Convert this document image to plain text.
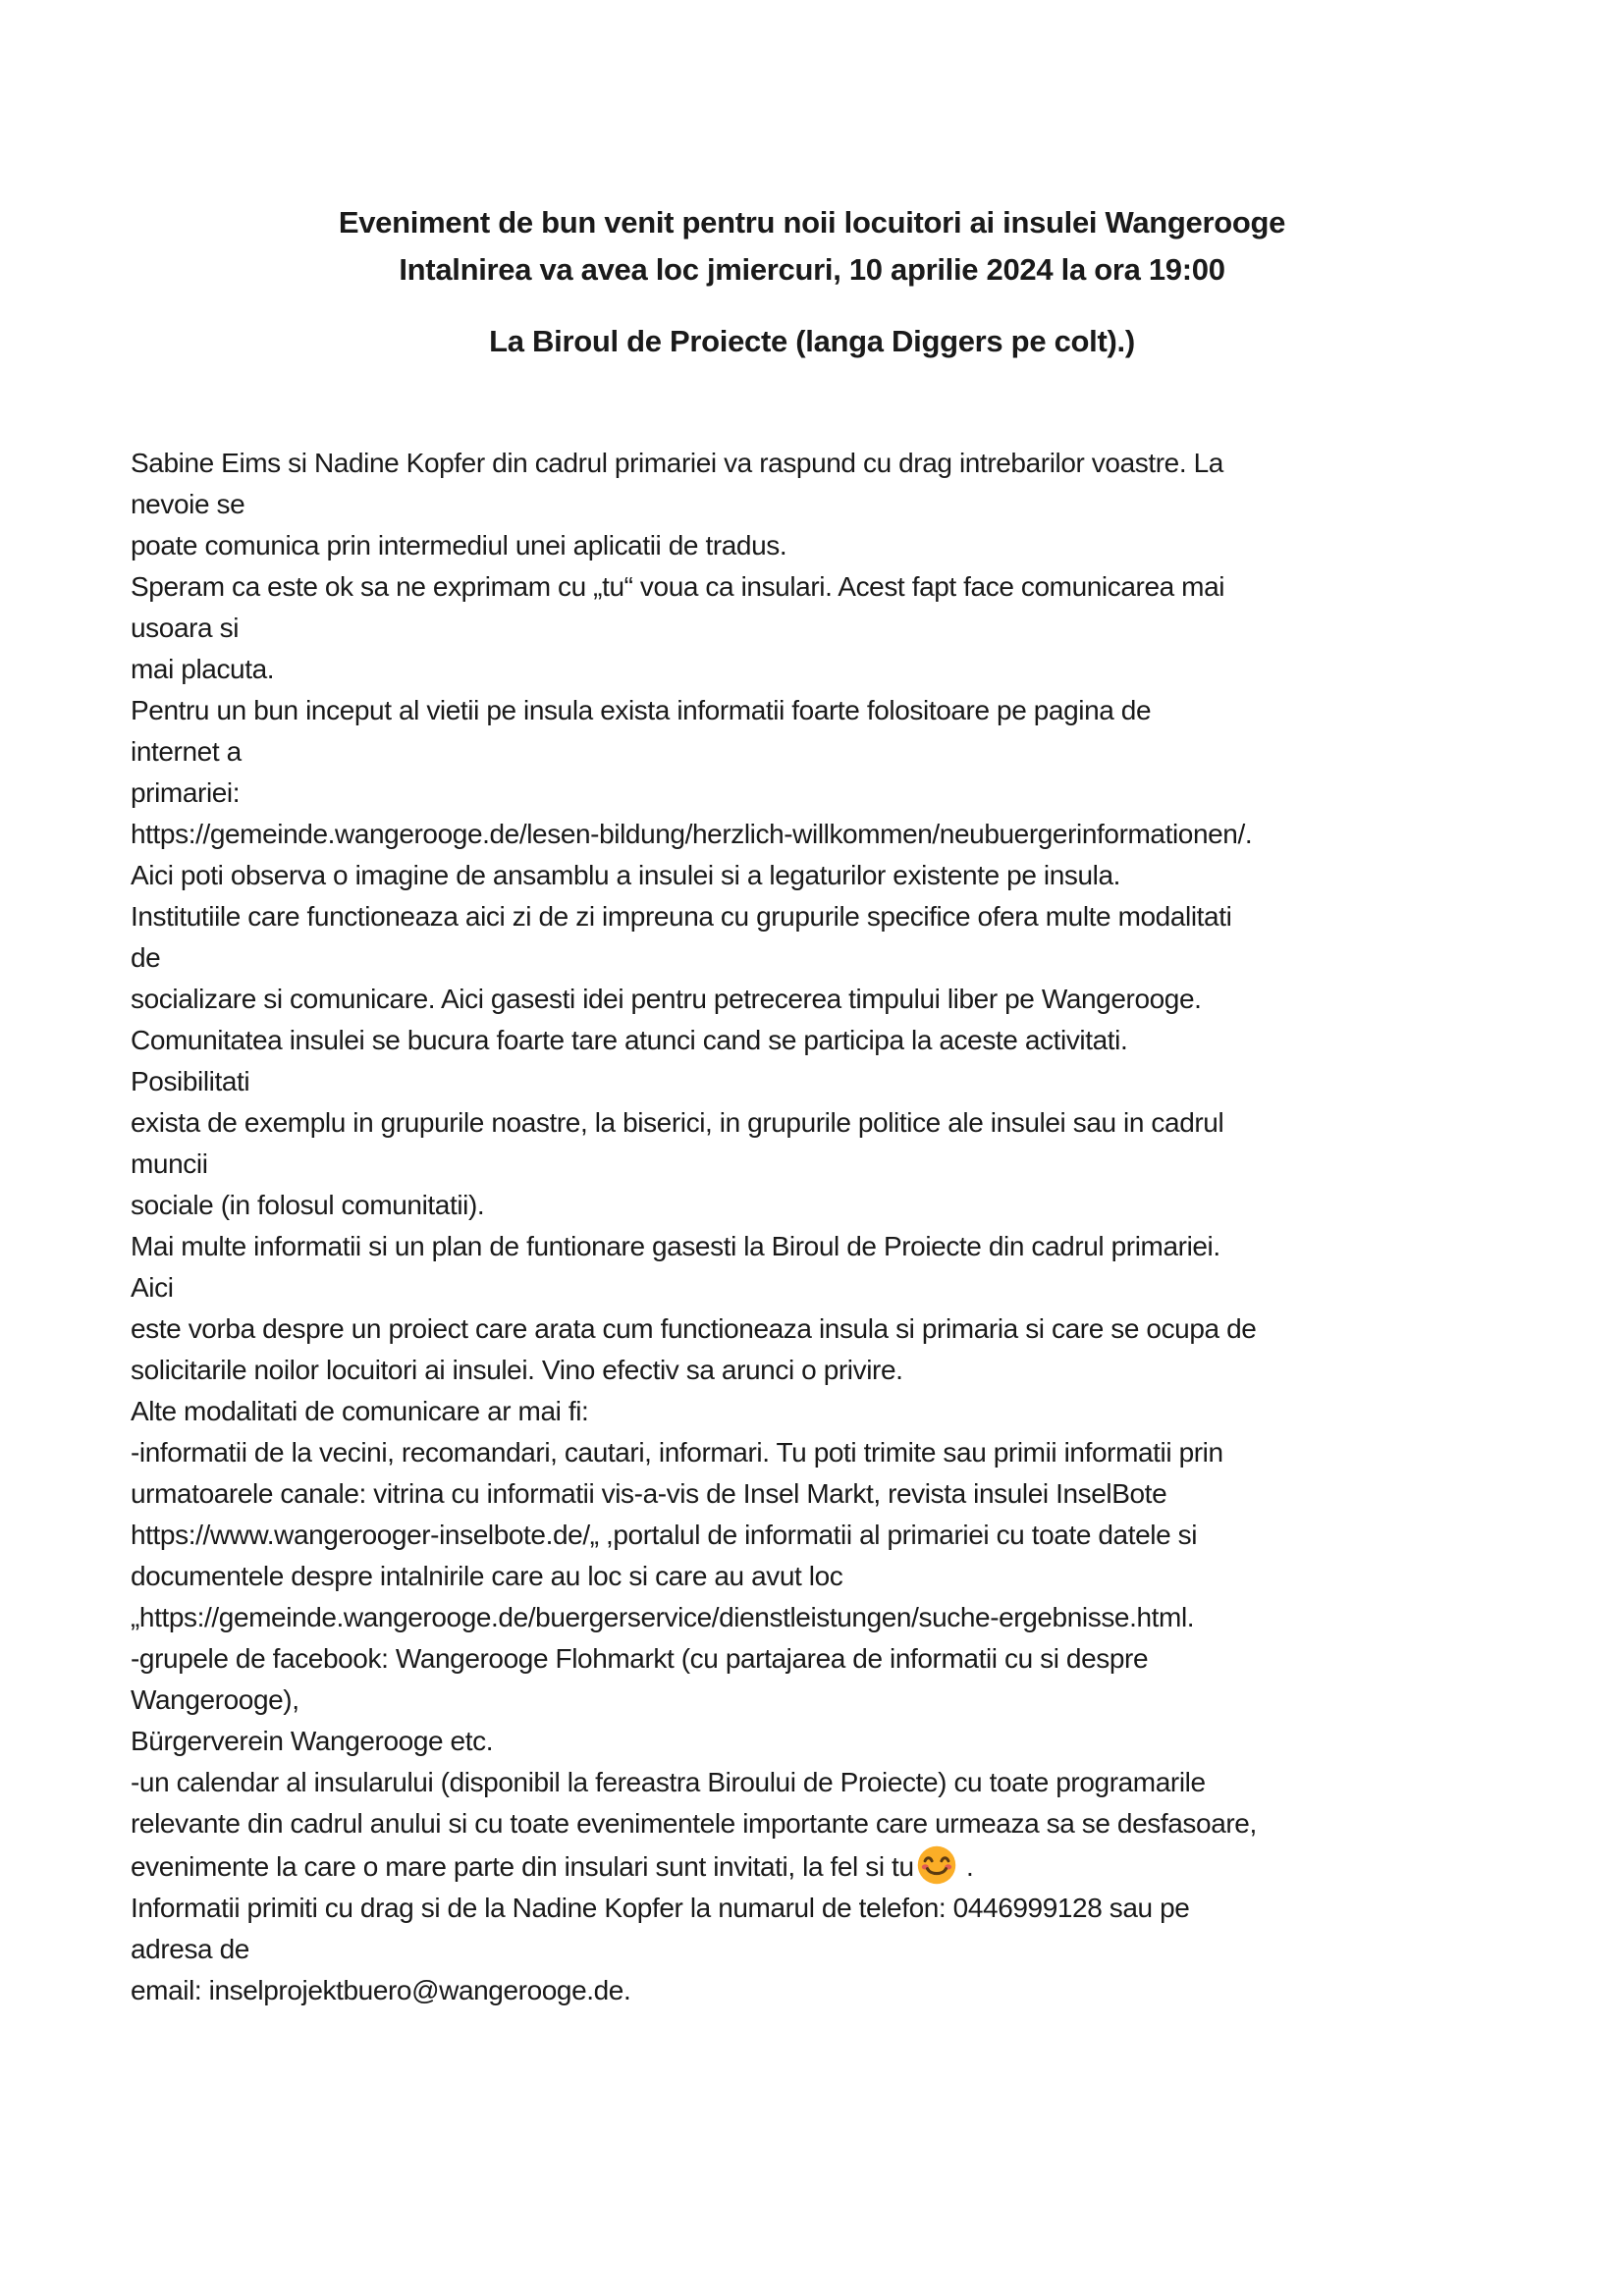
Eveniment de bun venit pentru noii locuitori ai insulei Wangerooge
Intalnirea va avea loc jmiercuri, 10 aprilie 2024 la ora 19:00
La Biroul de Proiecte (langa Diggers pe colt).)
Sabine Eims si Nadine Kopfer din cadrul primariei va raspund cu drag intrebarilor voastre. La
nevoie se
poate comunica prin intermediul unei aplicatii de tradus.
Speram ca este ok sa ne exprimam cu „tu“ voua ca insulari. Acest fapt face comunicarea mai
usoara si
mai placuta.
Pentru un bun inceput al vietii pe insula exista informatii foarte folositoare pe pagina de
internet a
primariei:
https://gemeinde.wangerooge.de/lesen-bildung/herzlich-willkommen/neubuergerinformationen/.
Aici poti observa o imagine de ansamblu a insulei si a legaturilor existente pe insula.
Institutiile care functioneaza aici zi de zi impreuna cu grupurile specifice ofera multe modalitati
de
socializare si comunicare. Aici gasesti idei pentru petrecerea timpului liber pe Wangerooge.
Comunitatea insulei se bucura foarte tare atunci cand se participa la aceste activitati.
Posibilitati
exista de exemplu in grupurile noastre, la biserici, in grupurile politice ale insulei sau in cadrul
muncii
sociale (in folosul comunitatii).
Mai multe informatii si un plan de funtionare gasesti la Biroul de Proiecte din cadrul primariei.
Aici
este vorba despre un proiect care arata cum functioneaza insula si primaria si care se ocupa de
solicitarile noilor locuitori ai insulei. Vino efectiv sa arunci o privire.
Alte modalitati de comunicare ar mai fi:
-informatii de la vecini, recomandari, cautari, informari. Tu poti trimite sau primii informatii prin
urmatoarele canale: vitrina cu informatii vis-a-vis de Insel Markt, revista insulei InselBote
https://www.wangerooger-inselbote.de/„ ,portalul de informatii al primariei cu toate datele si
documentele despre intalnirile care au loc si care au avut loc
„https://gemeinde.wangerooge.de/buergerservice/dienstleistungen/suche-ergebnisse.html.
-grupele de facebook: Wangerooge Flohmarkt (cu partajarea de informatii cu si despre
Wangerooge),
Bürgerverein Wangerooge etc.
-un calendar al insularului (disponibil la fereastra Biroului de Proiecte) cu toate programarile
relevante din cadrul anului si cu toate evenimentele importante care urmeaza sa se desfasoare,
evenimente la care o mare parte din insulari sunt invitati, la fel si tu
.
Informatii primiti cu drag si de la Nadine Kopfer la numarul de telefon: 0446999128 sau pe
adresa de
email: inselprojektbuero@wangerooge.de.
